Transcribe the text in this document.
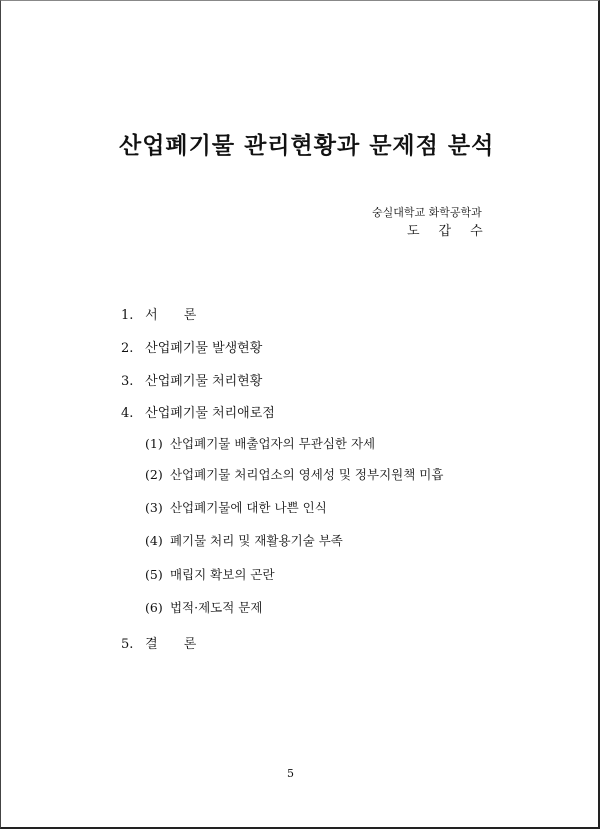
산업폐기물 관리현황과 문제점 분석
숭실대학교 화학공학과
도　갑　수
1. 서　　론
2. 산업폐기물 발생현황
3. 산업폐기물 처리현황
4. 산업폐기물 처리애로점
(1) 산업폐기물 배출업자의 무관심한 자세
(2) 산업폐기물 처리업소의 영세성 및 정부지원책 미흡
(3) 산업폐기물에 대한 나쁜 인식
(4) 폐기물 처리 및 재활용기술 부족
(5) 매립지 확보의 곤란
(6) 법적·제도적 문제
5. 결　　론
5
